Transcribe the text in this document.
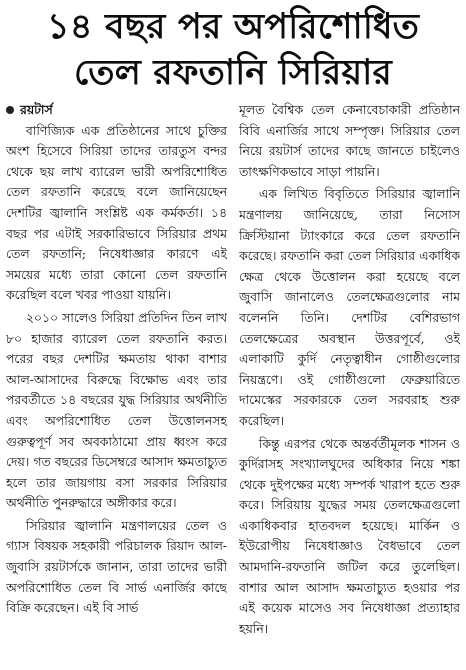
১৪ বছর পর অপরিশোধিত
তেল রফতানি সিরিয়ার
রয়টার্স

বাণিজ্যিক এক প্রতিষ্ঠানের সাথে চুক্তির অংশ হিসেবে সিরিয়া তাদের তারতুস বন্দর থেকে ছয় লাখ ব্যারেল ভারী অপরিশোধিত তেল রফতানি করেছে বলে জানিয়েছেন দেশটির জ্বালানি সংশ্লিষ্ট এক কর্মকর্তা। ১৪ বছর পর এটাই সরকারিভাবে সিরিয়ার প্রথম তেল রফতানি; নিষেধাজ্ঞার কারণে এই সময়ের মধ্যে তারা কোনো তেল রফতানি করেছিল বলে খবর পাওয়া যায়নি।

২০১০ সালেও সিরিয়া প্রতিদিন তিন লাখ ৮০ হাজার ব্যারেল তেল রফতানি করত। পরের বছর দেশটির ক্ষমতায় থাকা বাশার আল-আসাদের বিরুদ্ধে বিক্ষোভ এবং তার পরবর্তীতে ১৪ বছরের যুদ্ধ সিরিয়ার অর্থনীতি এবং অপরিশোধিত তেল উত্তোলনসহ গুরুত্বপূর্ণ সব অবকাঠামো প্রায় ধ্বংস করে দেয়। গত বছরের ডিসেম্বরে আসাদ ক্ষমতাচ্যুত হলে তার জায়গায় বসা সরকার সিরিয়ার অর্থনীতি পুনরুদ্ধারে অঙ্গীকার করে।

সিরিয়ার জ্বালানি মন্ত্রণালয়ের তেল ও গ্যাস বিষয়ক সহকারী পরিচালক রিয়াদ আল-জুবাসি রয়টার্সকে জানান, তারা তাদের ভারী অপরিশোধিত তেল বি সার্ভ এনার্জির কাছে বিক্রি করেছেন। এই বি সার্ভ

মূলত বৈশ্বিক তেল কেনাবেচাকারী প্রতিষ্ঠান বিবি এনার্জির সাথে সম্পৃক্ত। সিরিয়ার তেল নিয়ে রয়টার্স তাদের কাছে জানতে চাইলেও তাৎক্ষণিকভাবে সাড়া পায়নি।

এক লিখিত বিবৃতিতে সিরিয়ার জ্বালানি মন্ত্রণালয় জানিয়েছে, তারা নিসোস ক্রিস্টিয়ানা ট্যাংকারে করে তেল রফতানি করেছে। রফতানি করা তেল সিরিয়ার একাধিক ক্ষেত্র থেকে উত্তোলন করা হয়েছে বলে জুবাসি জানালেও তেলক্ষেত্রগুলোর নাম বলেননি তিনি। দেশটির বেশিরভাগ তেলক্ষেত্রের অবস্থান উত্তরপূর্বে, ওই এলাকাটি কুর্দি নেতৃত্বাধীন গোষ্ঠীগুলোর নিয়ন্ত্রণে। ওই গোষ্ঠীগুলো ফেব্রুয়ারিতে দামেস্কের সরকারকে তেল সরবরাহ শুরু করেছিল।

কিন্তু এরপর থেকে অন্তর্বর্তীমূলক শাসন ও কুর্দিরাসহ সংখ্যালঘুদের অধিকার নিয়ে শঙ্কা থেকে দুইপক্ষের মধ্যে সম্পর্ক খারাপ হতে শুরু করে। সিরিয়ায় যুদ্ধের সময় তেলক্ষেত্রগুলো একাধিকবার হাতবদল হয়েছে। মার্কিন ও ইউরোপীয় নিষেধাজ্ঞাও বৈধভাবে তেল আমদানি-রফতানি জটিল করে তুলেছিল। বাশার আল আসাদ ক্ষমতাচ্যুত হওয়ার পর এই কয়েক মাসেও সব নিষেধাজ্ঞা প্রত্যাহার হয়নি।
